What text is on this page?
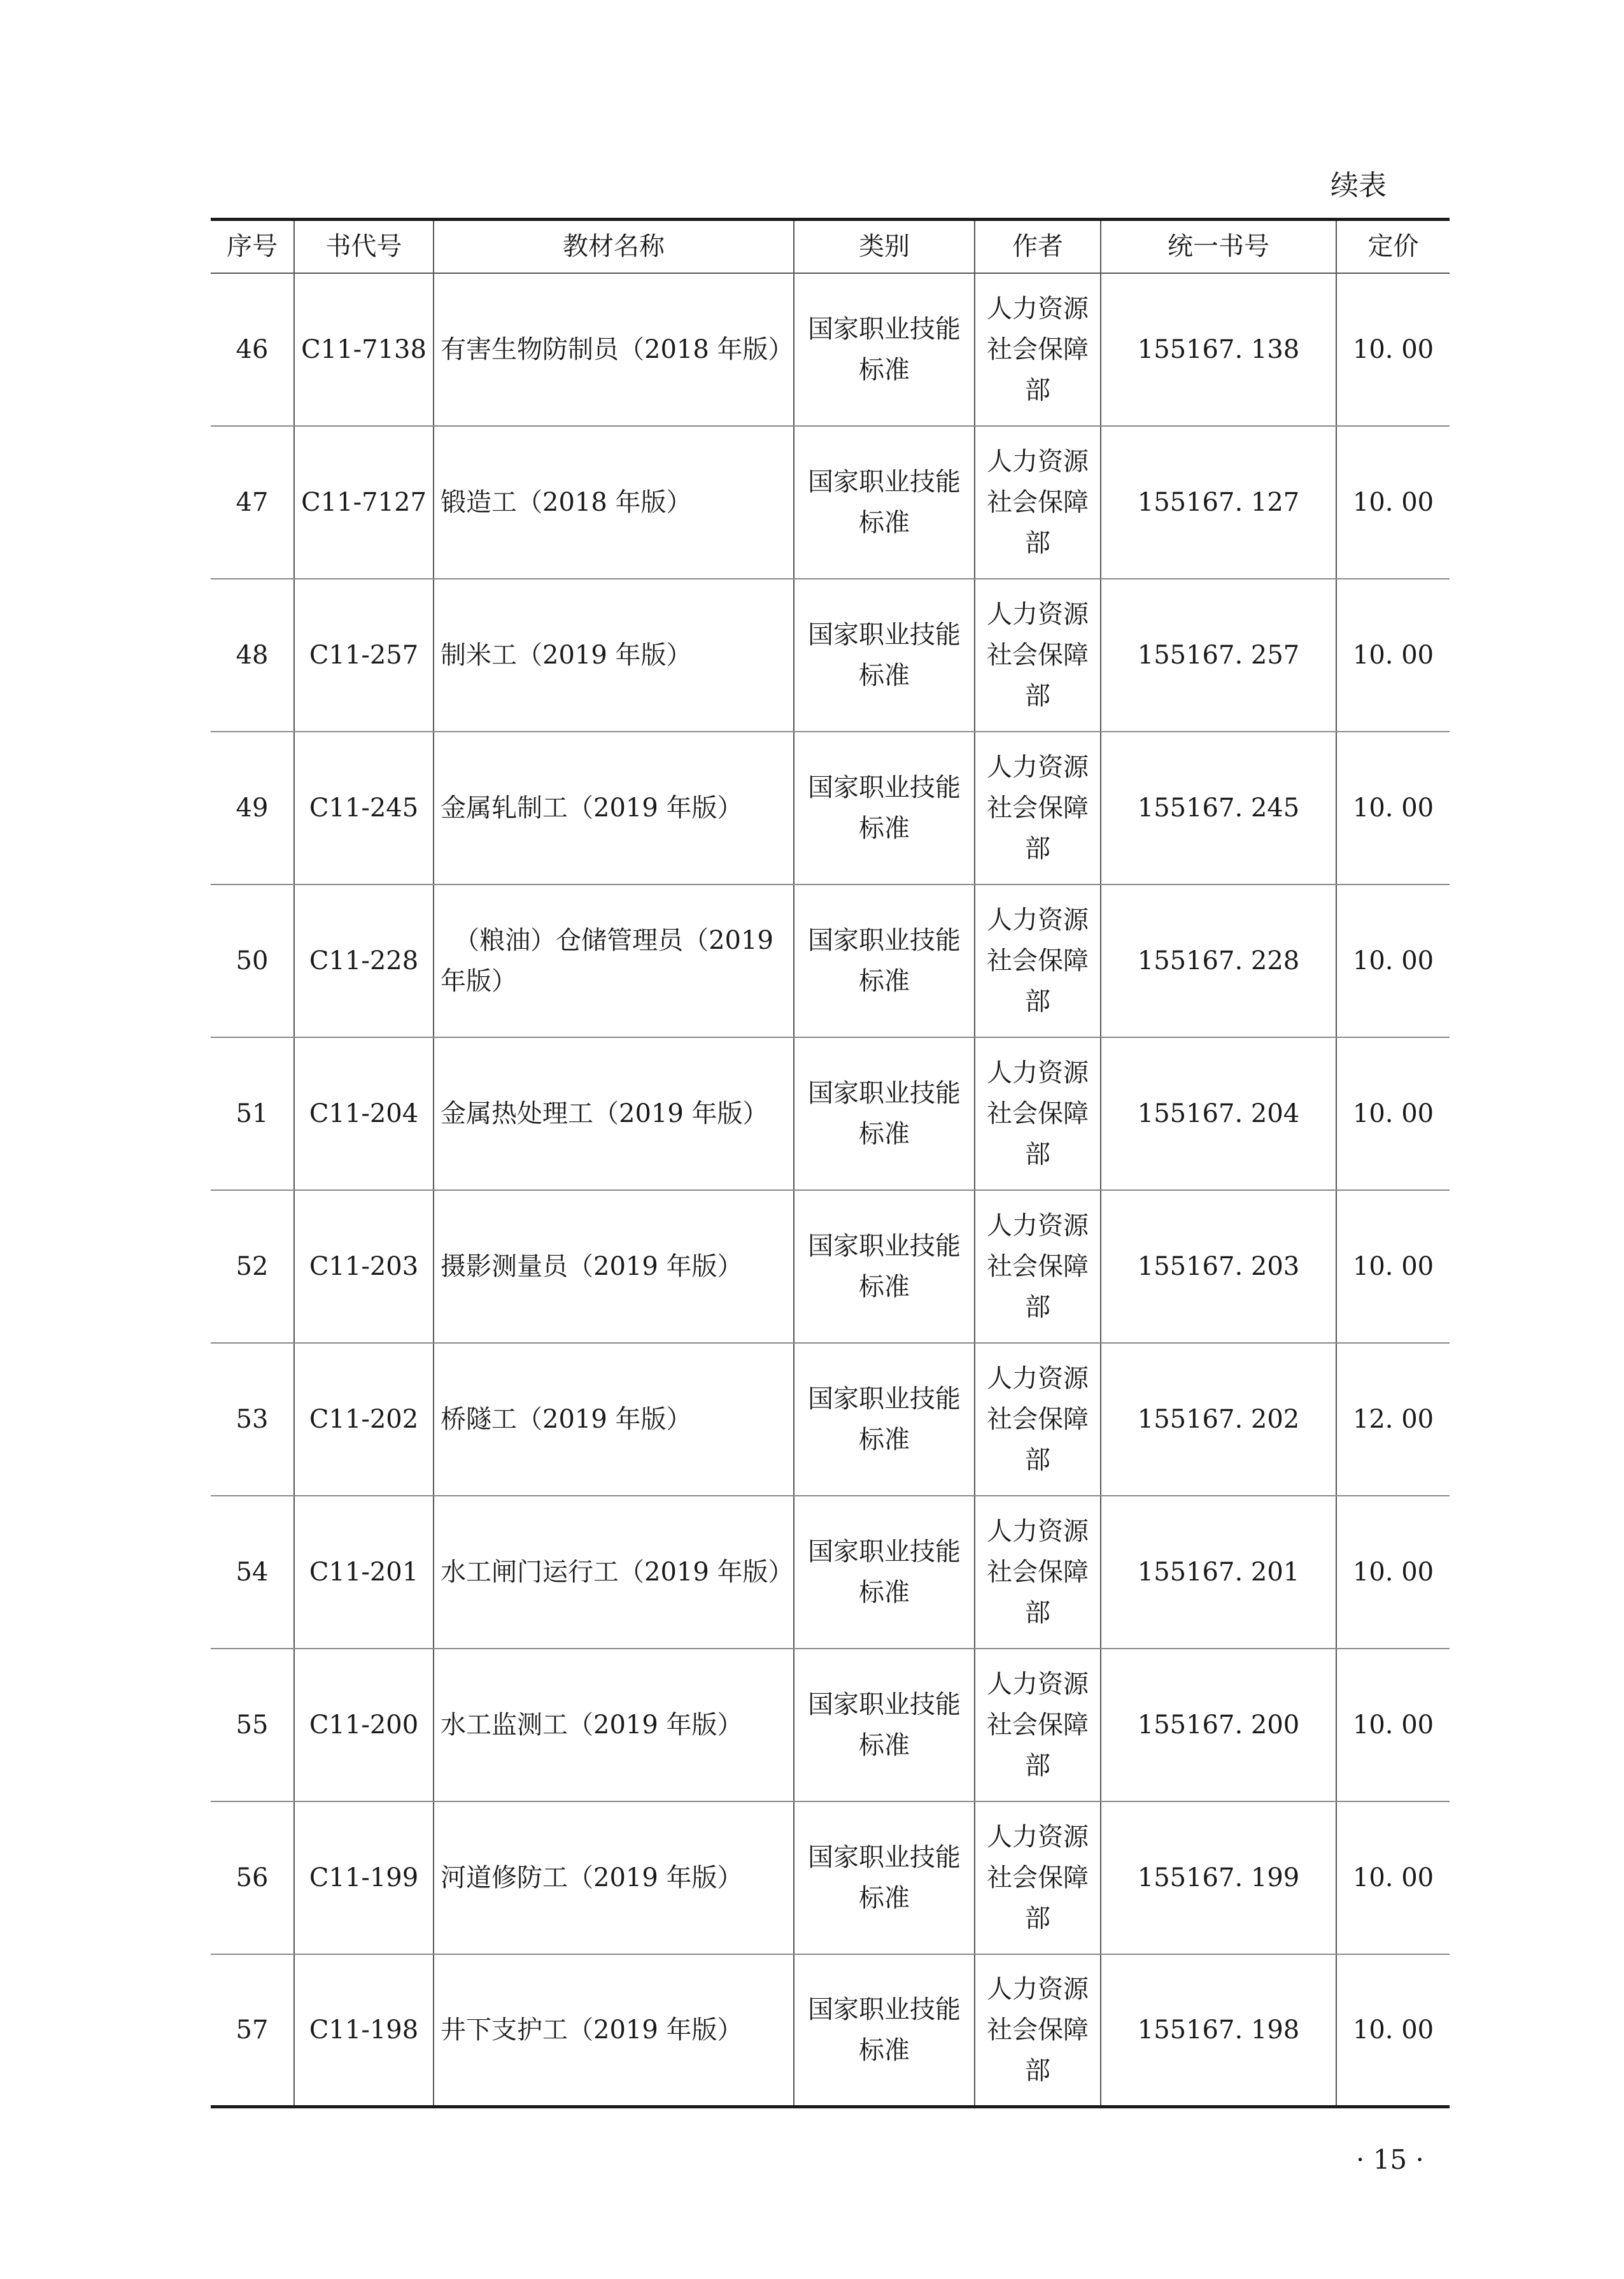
续表
序号	书代号	教材名称	类别	作者	统一书号	定价
46	C11-7138	有害生物防制员（2018 年版）	国家职业技能标准	人力资源社会保障部	155167. 138	10. 00
47	C11-7127	锻造工（2018 年版）	国家职业技能标准	人力资源社会保障部	155167. 127	10. 00
48	C11-257	制米工（2019 年版）	国家职业技能标准	人力资源社会保障部	155167. 257	10. 00
49	C11-245	金属轧制工（2019 年版）	国家职业技能标准	人力资源社会保障部	155167. 245	10. 00
50	C11-228	（粮油）仓储管理员（2019 年版）	国家职业技能标准	人力资源社会保障部	155167. 228	10. 00
51	C11-204	金属热处理工（2019 年版）	国家职业技能标准	人力资源社会保障部	155167. 204	10. 00
52	C11-203	摄影测量员（2019 年版）	国家职业技能标准	人力资源社会保障部	155167. 203	10. 00
53	C11-202	桥隧工（2019 年版）	国家职业技能标准	人力资源社会保障部	155167. 202	12. 00
54	C11-201	水工闸门运行工（2019 年版）	国家职业技能标准	人力资源社会保障部	155167. 201	10. 00
55	C11-200	水工监测工（2019 年版）	国家职业技能标准	人力资源社会保障部	155167. 200	10. 00
56	C11-199	河道修防工（2019 年版）	国家职业技能标准	人力资源社会保障部	155167. 199	10. 00
57	C11-198	井下支护工（2019 年版）	国家职业技能标准	人力资源社会保障部	155167. 198	10. 00
· 15 ·
